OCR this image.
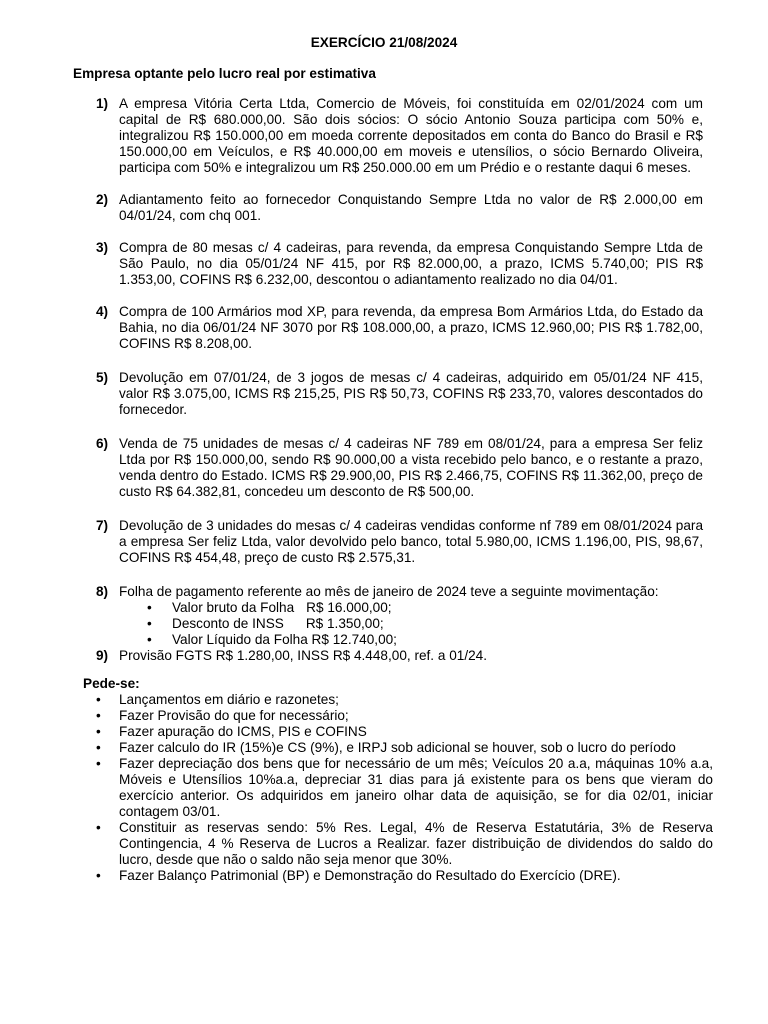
EXERCÍCIO 21/08/2024
Empresa optante pelo lucro real por estimativa
1) A empresa Vitória Certa Ltda, Comercio de Móveis, foi constituída em 02/01/2024 com um capital de R$ 680.000,00. São dois sócios: O sócio Antonio Souza participa com 50% e, integralizou R$ 150.000,00 em moeda corrente depositados em conta do Banco do Brasil e R$ 150.000,00 em Veículos, e R$ 40.000,00 em moveis e utensílios, o sócio Bernardo Oliveira, participa com 50% e integralizou um R$ 250.000.00 em um Prédio e o restante daqui 6 meses.
2) Adiantamento feito ao fornecedor Conquistando Sempre Ltda no valor de R$ 2.000,00 em 04/01/24, com chq 001.
3) Compra de 80 mesas c/ 4 cadeiras, para revenda, da empresa Conquistando Sempre Ltda de São Paulo, no dia 05/01/24 NF 415, por R$ 82.000,00, a prazo, ICMS 5.740,00; PIS R$ 1.353,00, COFINS R$ 6.232,00, descontou o adiantamento realizado no dia 04/01.
4) Compra de 100 Armários mod XP, para revenda, da empresa Bom Armários Ltda, do Estado da Bahia, no dia 06/01/24 NF 3070 por R$ 108.000,00, a prazo, ICMS 12.960,00; PIS R$ 1.782,00, COFINS R$ 8.208,00.
5) Devolução em 07/01/24, de 3 jogos de mesas c/ 4 cadeiras, adquirido em 05/01/24 NF 415, valor R$ 3.075,00, ICMS R$ 215,25, PIS R$ 50,73, COFINS R$ 233,70, valores descontados do fornecedor.
6) Venda de 75 unidades de mesas c/ 4 cadeiras NF 789 em 08/01/24, para a empresa Ser feliz Ltda por R$ 150.000,00, sendo R$ 90.000,00 a vista recebido pelo banco, e o restante a prazo, venda dentro do Estado. ICMS R$ 29.900,00, PIS R$ 2.466,75, COFINS R$ 11.362,00, preço de custo R$ 64.382,81, concedeu um desconto de R$ 500,00.
7) Devolução de 3 unidades do mesas c/ 4 cadeiras vendidas conforme nf 789 em 08/01/2024 para a empresa Ser feliz Ltda, valor devolvido pelo banco, total 5.980,00, ICMS 1.196,00, PIS, 98,67, COFINS R$ 454,48, preço de custo R$ 2.575,31.
8) Folha de pagamento referente ao mês de janeiro de 2024 teve a seguinte movimentação:
• Valor bruto da Folha R$ 16.000,00;
• Desconto de INSS R$ 1.350,00;
• Valor Líquido da Folha R$ 12.740,00;
9) Provisão FGTS R$ 1.280,00, INSS R$ 4.448,00, ref. a 01/24.
Pede-se:
• Lançamentos em diário e razonetes;
• Fazer Provisão do que for necessário;
• Fazer apuração do ICMS, PIS e COFINS
• Fazer calculo do IR (15%)e CS (9%), e IRPJ sob adicional se houver, sob o lucro do período
• Fazer depreciação dos bens que for necessário de um mês; Veículos 20 a.a, máquinas 10% a.a, Móveis e Utensílios 10%a.a, depreciar 31 dias para já existente para os bens que vieram do exercício anterior. Os adquiridos em janeiro olhar data de aquisição, se for dia 02/01, iniciar contagem 03/01.
• Constituir as reservas sendo: 5% Res. Legal, 4% de Reserva Estatutária, 3% de Reserva Contingencia, 4 % Reserva de Lucros a Realizar. fazer distribuição de dividendos do saldo do lucro, desde que não o saldo não seja menor que 30%.
• Fazer Balanço Patrimonial (BP) e Demonstração do Resultado do Exercício (DRE).
